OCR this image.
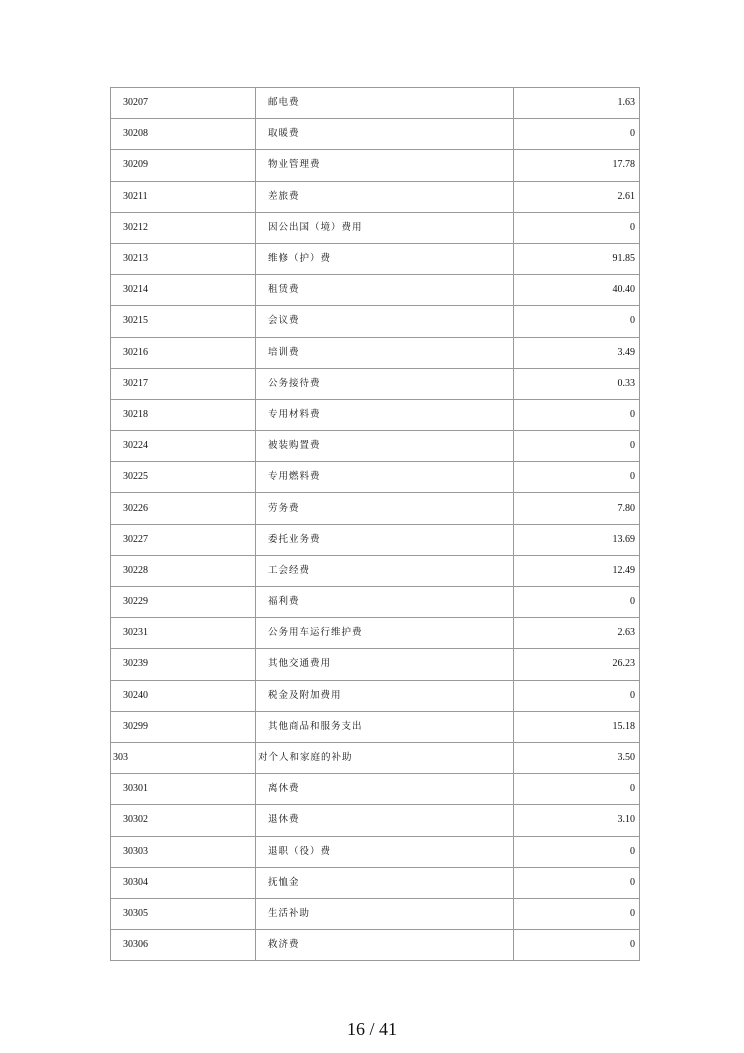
30207	邮电费	1.63
30208	取暖费	0
30209	物业管理费	17.78
30211	差旅费	2.61
30212	因公出国（境）费用	0
30213	维修（护）费	91.85
30214	租赁费	40.40
30215	会议费	0
30216	培训费	3.49
30217	公务接待费	0.33
30218	专用材料费	0
30224	被装购置费	0
30225	专用燃料费	0
30226	劳务费	7.80
30227	委托业务费	13.69
30228	工会经费	12.49
30229	福利费	0
30231	公务用车运行维护费	2.63
30239	其他交通费用	26.23
30240	税金及附加费用	0
30299	其他商品和服务支出	15.18
303	对个人和家庭的补助	3.50
30301	离休费	0
30302	退休费	3.10
30303	退职（役）费	0
30304	抚恤金	0
30305	生活补助	0
30306	救济费	0
16 / 41
